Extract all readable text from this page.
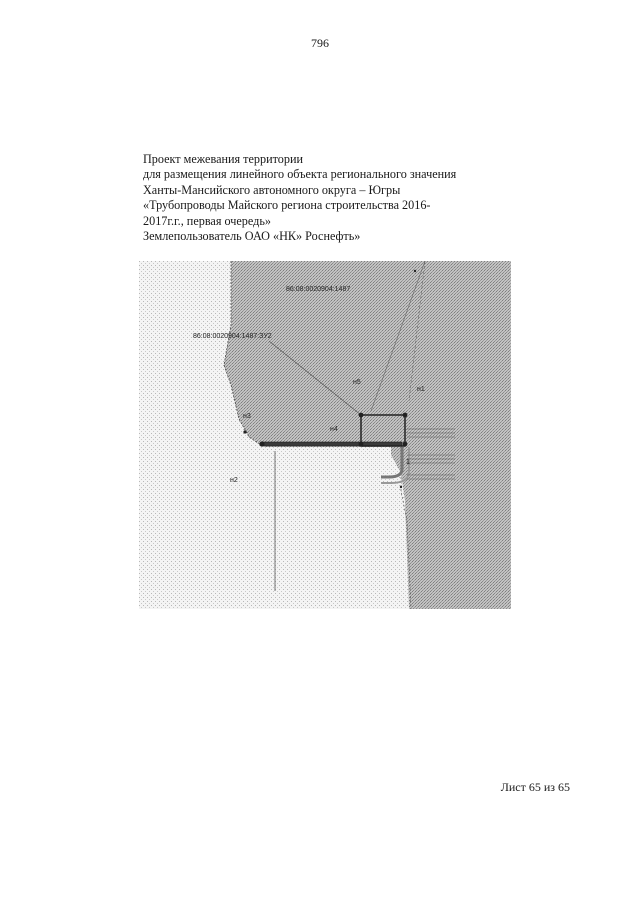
796
Проект межевания территории
для размещения линейного объекта регионального значения
Ханты-Мансийского автономного округа – Югры
«Трубопроводы Майского региона строительства 2016-
2017г.г., первая очередь»
Землепользователь ОАО «НК» Роснефть»
86:08:0020904:1487
86:08:0020904:1487:ЗУ2
н1
н2
н3
н4
н5
1
Лист 65 из 65
